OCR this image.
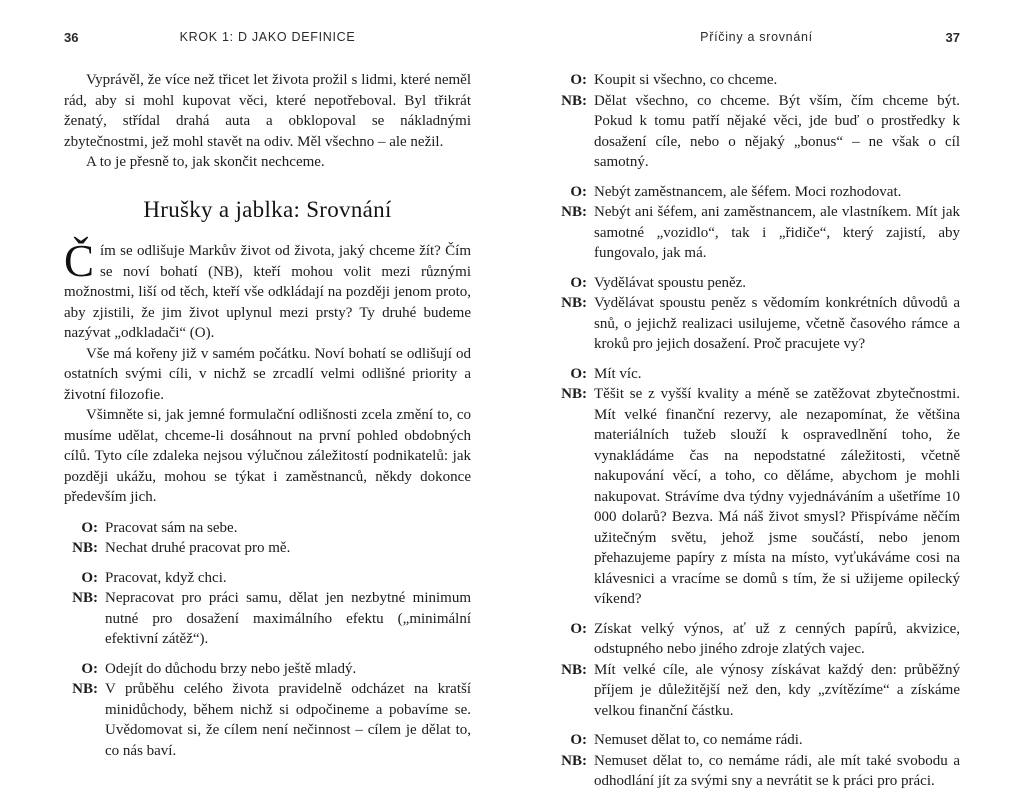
36	KROK 1: D JAKO DEFINICE

Vyprávěl, že více než třicet let života prožil s lidmi, které neměl rád, aby si mohl kupovat věci, které nepotřeboval. Byl třikrát ženatý, střídal drahá auta a obklopoval se nákladnými zbytečnostmi, jež mohl stavět na odiv. Měl všechno – ale nežil.

A to je přesně to, jak skončit nechceme.

Hrušky a jablka: Srovnání

Čím se odlišuje Markův život od života, jaký chceme žít? Čím se noví bohatí (NB), kteří mohou volit mezi různými možnostmi, liší od těch, kteří vše odkládají na později jenom proto, aby zjistili, že jim život uplynul mezi prsty? Ty druhé budeme nazývat „odkladači“ (O).

Vše má kořeny již v samém počátku. Noví bohatí se odlišují od ostatních svými cíli, v nichž se zrcadlí velmi odlišné priority a životní filozofie.

Všimněte si, jak jemné formulační odlišnosti zcela změní to, co musíme udělat, chceme-li dosáhnout na první pohled obdobných cílů. Tyto cíle zdaleka nejsou výlučnou záležitostí podnikatelů: jak později ukážu, mohou se týkat i zaměstnanců, někdy dokonce především jich.

O: Pracovat sám na sebe.
NB: Nechat druhé pracovat pro mě.
O: Pracovat, když chci.
NB: Nepracovat pro práci samu, dělat jen nezbytné minimum nutné pro dosažení maximálního efektu („minimální efektivní zátěž“).
O: Odejít do důchodu brzy nebo ještě mladý.
NB: V průběhu celého života pravidelně odcházet na kratší minidůchody, během nichž si odpočineme a pobavíme se. Uvědomovat si, že cílem není nečinnost – cílem je dělat to, co nás baví.
Příčiny a srovnání	37
O: Koupit si všechno, co chceme.
NB: Dělat všechno, co chceme. Být vším, čím chceme být. Pokud k tomu patří nějaké věci, jde buď o prostředky k dosažení cíle, nebo o nějaký „bonus“ – ne však o cíl samotný.
O: Nebýt zaměstnancem, ale šéfem. Moci rozhodovat.
NB: Nebýt ani šéfem, ani zaměstnancem, ale vlastníkem. Mít jak samotné „vozidlo“, tak i „řidiče“, který zajistí, aby fungovalo, jak má.
O: Vydělávat spoustu peněz.
NB: Vydělávat spoustu peněz s vědomím konkrétních důvodů a snů, o jejichž realizaci usilujeme, včetně časového rámce a kroků pro jejich dosažení. Proč pracujete vy?
O: Mít víc.
NB: Těšit se z vyšší kvality a méně se zatěžovat zbytečnostmi. Mít velké finanční rezervy, ale nezapomínat, že většina materiálních tužeb slouží k ospravedlnění toho, že vynakládáme čas na nepodstatné záležitosti, včetně nakupování věcí, a toho, co děláme, abychom je mohli nakupovat. Strávíme dva týdny vyjednáváním a ušetříme 10 000 dolarů? Bezva. Má náš život smysl? Přispíváme něčím užitečným světu, jehož jsme součástí, nebo jenom přehazujeme papíry z místa na místo, vyťukáváme cosi na klávesnici a vracíme se domů s tím, že si užijeme opilecký víkend?
O: Získat velký výnos, ať už z cenných papírů, akvizice, odstupného nebo jiného zdroje zlatých vajec.
NB: Mít velké cíle, ale výnosy získávat každý den: průběžný příjem je důležitější než den, kdy „zvítězíme“ a získáme velkou finanční částku.
O: Nemuset dělat to, co nemáme rádi.
NB: Nemuset dělat to, co nemáme rádi, ale mít také svobodu a odhodlání jít za svými sny a nevrátit se k práci pro práci.
